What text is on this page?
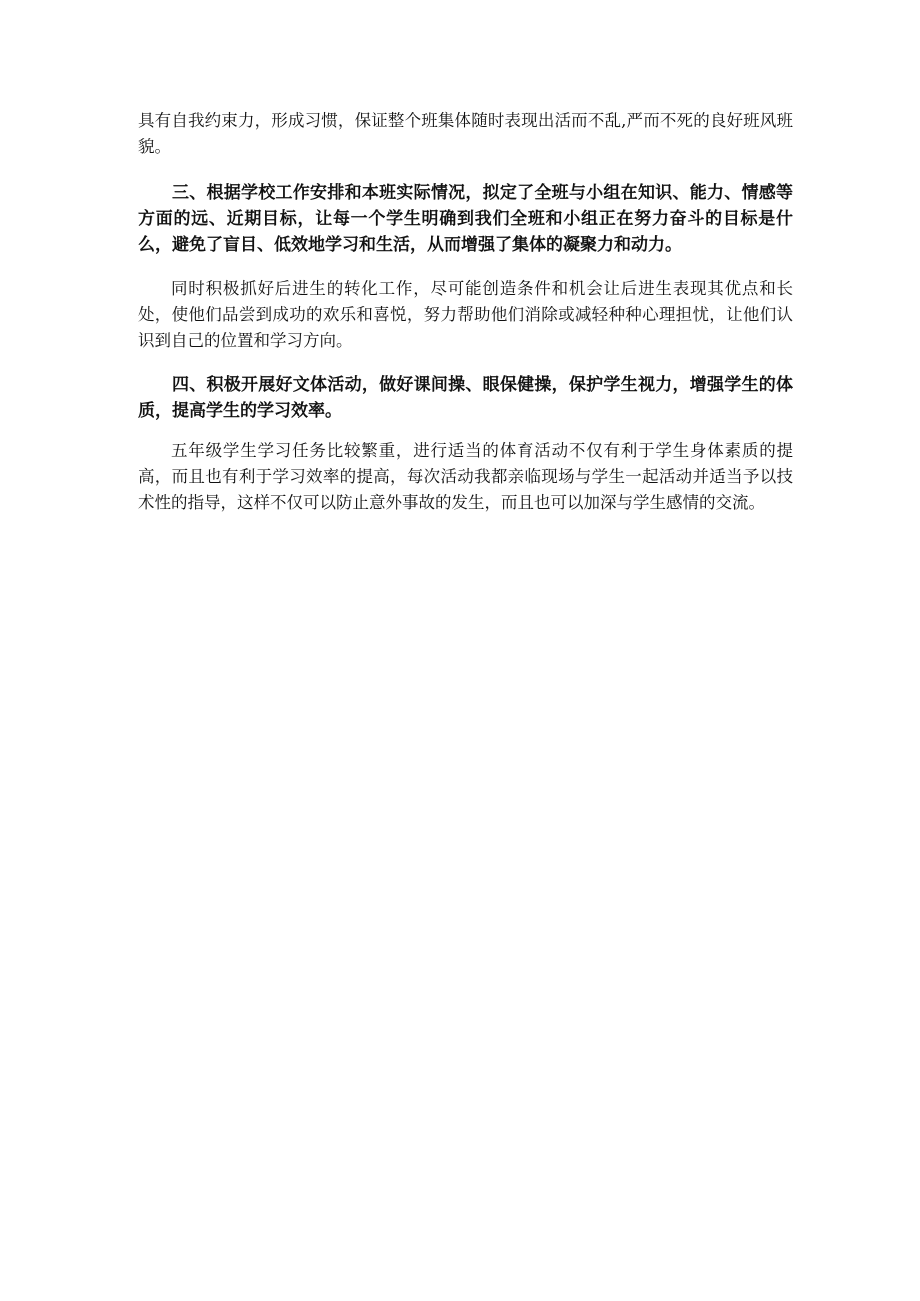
具有自我约束力，形成习惯，保证整个班集体随时表现出活而不乱,严而不死的良好班风班貌。

三、根据学校工作安排和本班实际情况，拟定了全班与小组在知识、能力、情感等方面的远、近期目标，让每一个学生明确到我们全班和小组正在努力奋斗的目标是什么，避免了盲目、低效地学习和生活，从而增强了集体的凝聚力和动力。

同时积极抓好后进生的转化工作，尽可能创造条件和机会让后进生表现其优点和长处，使他们品尝到成功的欢乐和喜悦，努力帮助他们消除或减轻种种心理担忧，让他们认识到自己的位置和学习方向。

四、积极开展好文体活动，做好课间操、眼保健操，保护学生视力，增强学生的体质，提高学生的学习效率。

五年级学生学习任务比较繁重，进行适当的体育活动不仅有利于学生身体素质的提高，而且也有利于学习效率的提高，每次活动我都亲临现场与学生一起活动并适当予以技术性的指导，这样不仅可以防止意外事故的发生，而且也可以加深与学生感情的交流。
